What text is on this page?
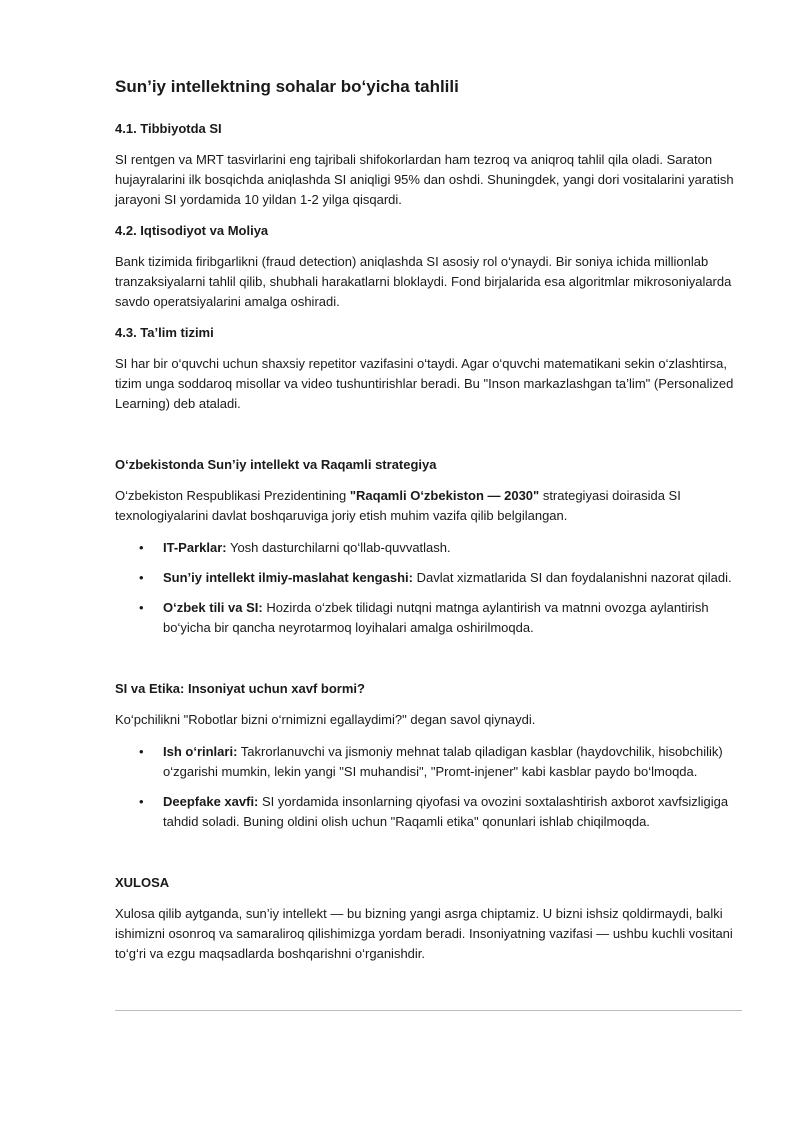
Sun’iy intellektning sohalar bo‘yicha tahlili
4.1. Tibbiyotda SI

SI rentgen va MRT tasvirlarini eng tajribali shifokorlardan ham tezroq va aniqroq tahlil qila oladi. Saraton hujayralarini ilk bosqichda aniqlashda SI aniqligi 95% dan oshdi. Shuningdek, yangi dori vositalarini yaratish jarayoni SI yordamida 10 yildan 1-2 yilga qisqardi.

4.2. Iqtisodiyot va Moliya

Bank tizimida firibgarlikni (fraud detection) aniqlashda SI asosiy rol o‘ynaydi. Bir soniya ichida millionlab tranzaksiyalarni tahlil qilib, shubhali harakatlarni bloklaydi. Fond birjalarida esa algoritmlar mikrosoniyalarda savdo operatsiyalarini amalga oshiradi.

4.3. Ta’lim tizimi

SI har bir o‘quvchi uchun shaxsiy repetitor vazifasini o‘taydi. Agar o‘quvchi matematikani sekin o‘zlashtirsa, tizim unga soddaroq misollar va video tushuntirishlar beradi. Bu "Inson markazlashgan ta’lim" (Personalized Learning) deb ataladi.

O‘zbekistonda Sun’iy intellekt va Raqamli strategiya

O‘zbekiston Respublikasi Prezidentining "Raqamli O‘zbekiston — 2030" strategiyasi doirasida SI texnologiyalarini davlat boshqaruviga joriy etish muhim vazifa qilib belgilangan.

• IT-Parklar: Yosh dasturchilarni qo‘llab-quvvatlash.
• Sun’iy intellekt ilmiy-maslahat kengashi: Davlat xizmatlarida SI dan foydalanishni nazorat qiladi.
• O‘zbek tili va SI: Hozirda o‘zbek tilidagi nutqni matnga aylantirish va matnni ovozga aylantirish bo‘yicha bir qancha neyrotarmoq loyihalari amalga oshirilmoqda.
SI va Etika: Insoniyat uchun xavf bormi?

Ko‘pchilikni "Robotlar bizni o‘rnimizni egallaydimi?" degan savol qiynaydi.

• Ish o‘rinlari: Takrorlanuvchi va jismoniy mehnat talab qiladigan kasblar (haydovchilik, hisobchilik) o‘zgarishi mumkin, lekin yangi "SI muhandisi", "Promt-injener" kabi kasblar paydo bo‘lmoqda.
• Deepfake xavfi: SI yordamida insonlarning qiyofasi va ovozini soxtalashtirish axborot xavfsizligiga tahdid soladi. Buning oldini olish uchun "Raqamli etika" qonunlari ishlab chiqilmoqda.
XULOSA

Xulosa qilib aytganda, sun’iy intellekt — bu bizning yangi asrga chiptamiz. U bizni ishsiz qoldirmaydi, balki ishimizni osonroq va samaraliroq qilishimizga yordam beradi. Insoniyatning vazifasi — ushbu kuchli vositani to‘g‘ri va ezgu maqsadlarda boshqarishni o‘rganishdir.
